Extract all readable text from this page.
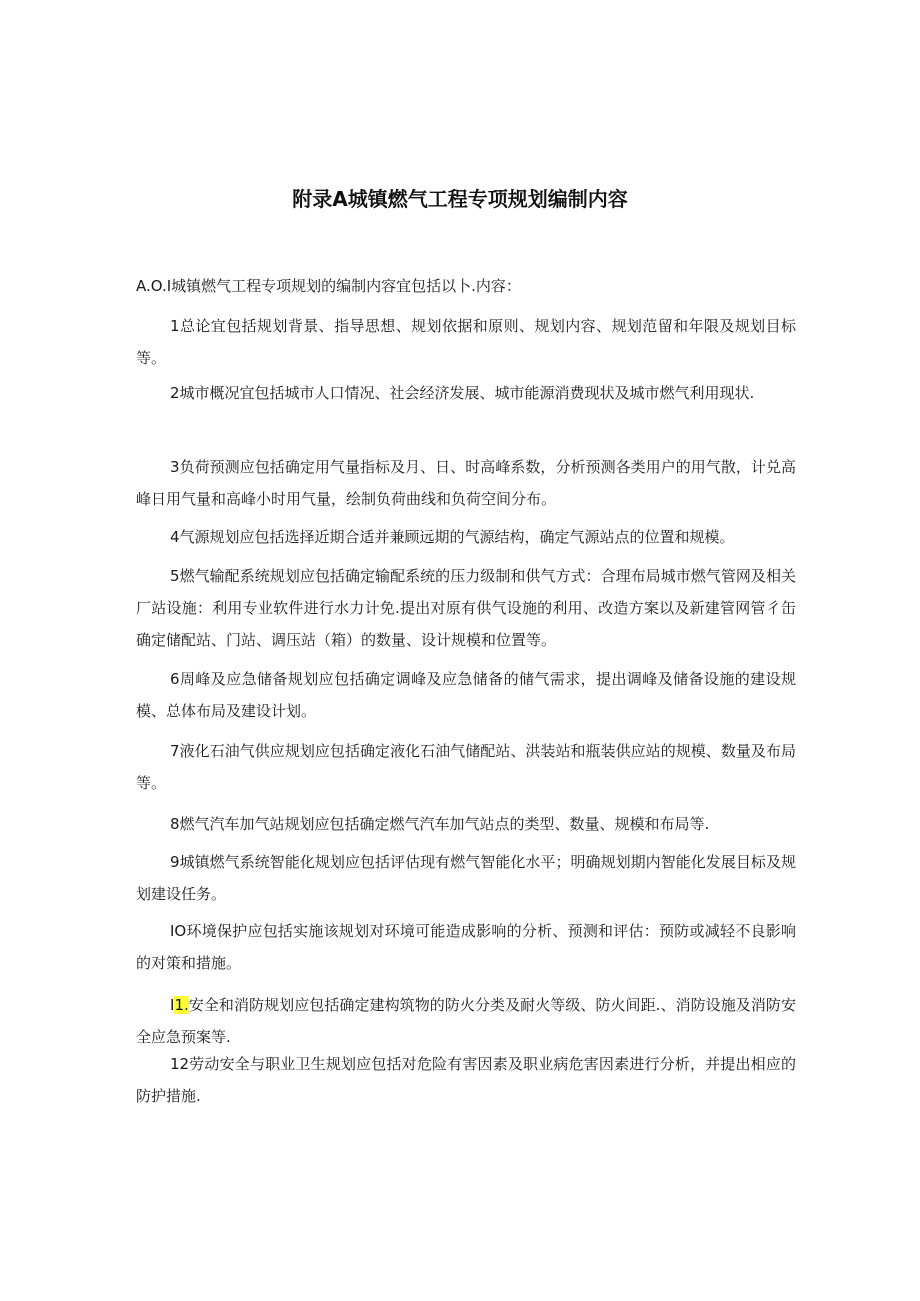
附录A城镇燃气工程专项规划编制内容
A.O.I城镇燃气工程专项规划的编制内容宜包括以卜.内容：
1总论宜包括规划背景、指导思想、规划依据和原则、规划内容、规划范留和年限及规划目标等。
2城市概况宜包括城市人口情况、社会经济发展、城市能源消费现状及城市燃气利用现状.
3负荷预测应包括确定用气量指标及月、日、时高峰系数，分析预测各类用户的用气散，计兑高峰日用气量和高峰小时用气量，绘制负荷曲线和负荷空间分布。
4气源规划应包括选择近期合适并兼顾远期的气源结构，确定气源站点的位置和规模。
5燃气输配系统规划应包括确定输配系统的压力级制和供气方式：合理布局城市燃气管网及相关厂站设施：利用专业软件进行水力计免.提出对原有供气设施的利用、改造方案以及新建管网管彳缶确定储配站、门站、调压站（箱）的数量、设计规模和位置等。
6周峰及应急储备规划应包括确定调峰及应急储备的储气需求，提出调峰及储备设施的建设规模、总体布局及建设计划。
7液化石油气供应规划应包括确定液化石油气储配站、洪装站和瓶装供应站的规模、数量及布局等。
8燃气汽车加气站规划应包括确定燃气汽车加气站点的类型、数量、规模和布局等.
9城镇燃气系统智能化规划应包括评估现有燃气智能化水平；明确规划期内智能化发展目标及规划建设任务。
IO环境保护应包括实施该规划对环境可能造成影响的分析、预测和评估：预防或减轻不良影响的对策和措施。
I1.安全和消防规划应包括确定建构筑物的防火分类及耐火等级、防火间距.、消防设施及消防安全应急预案等.
12劳动安全与职业卫生规划应包括对危险有害因素及职业病危害因素进行分析，并提出相应的防护措施.
